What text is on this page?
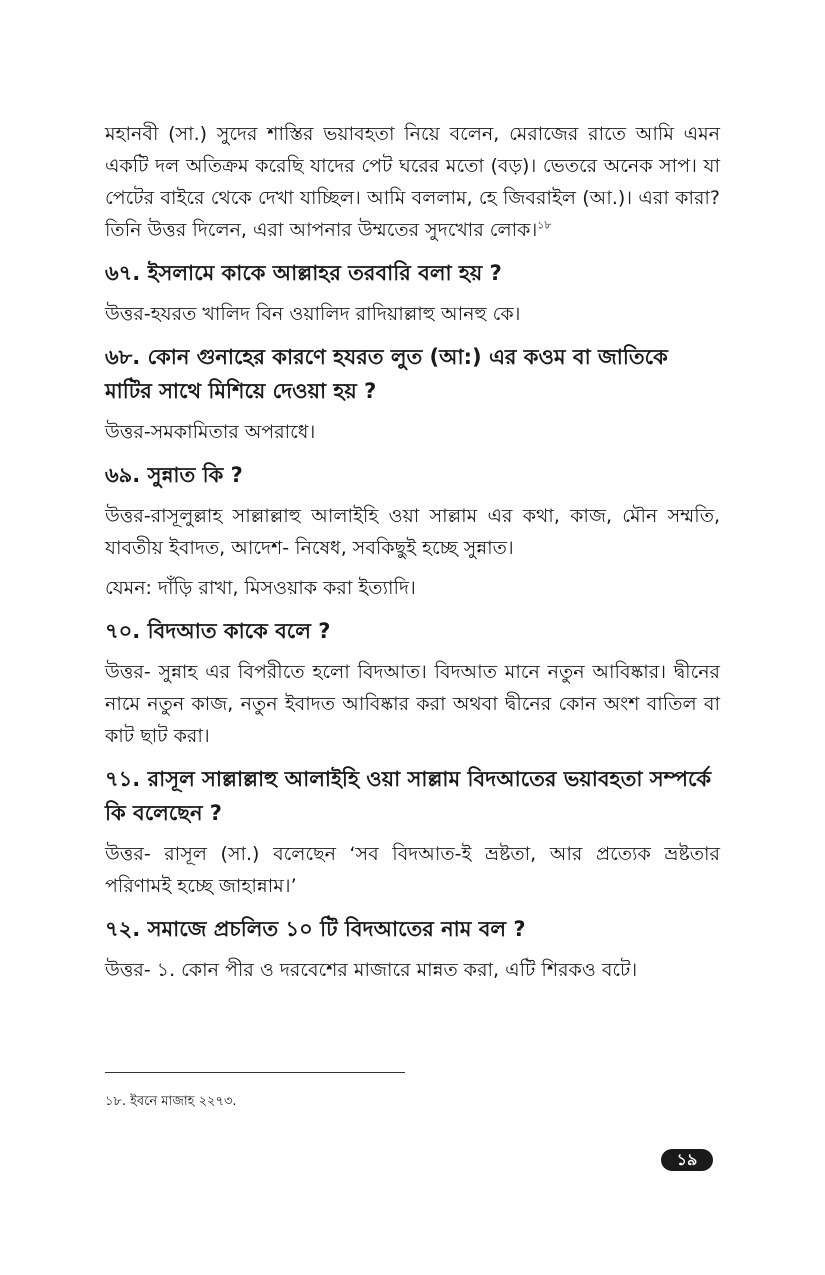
মহানবী (সা.) সুদের শাস্তির ভয়াবহতা নিয়ে বলেন, মেরাজের রাতে আমি এমন একটি দল অতিক্রম করেছি যাদের পেট ঘরের মতো (বড়)। ভেতরে অনেক সাপ। যা পেটের বাইরে থেকে দেখা যাচ্ছিল। আমি বললাম, হে জিবরাইল (আ.)। এরা কারা? তিনি উত্তর দিলেন, এরা আপনার উম্মতের সুদখোর লোক।$^{১৮}$

৬৭. ইসলামে কাকে আল্লাহর তরবারি বলা হয় ?

উত্তর-হযরত খালিদ বিন ওয়ালিদ রাদিয়াল্লাহু আনহু কে।

৬৮. কোন গুনাহের কারণে হযরত লুত (আ:) এর কওম বা জাতিকে মাটির সাথে মিশিয়ে দেওয়া হয় ?

উত্তর-সমকামিতার অপরাধে।

৬৯. সুন্নাত কি ?

উত্তর-রাসূলুল্লাহ সাল্লাল্লাহু আলাইহি ওয়া সাল্লাম এর কথা, কাজ, মৌন সম্মতি, যাবতীয় ইবাদত, আদেশ- নিষেধ, সবকিছুই হচ্ছে সুন্নাত।

যেমন: দাঁড়ি রাখা, মিসওয়াক করা ইত্যাদি।

৭০. বিদআত কাকে বলে ?

উত্তর- সুন্নাহ এর বিপরীতে হলো বিদআত। বিদআত মানে নতুন আবিষ্কার। দ্বীনের নামে নতুন কাজ, নতুন ইবাদত আবিষ্কার করা অথবা দ্বীনের কোন অংশ বাতিল বা কাট ছাট করা।

৭১. রাসূল সাল্লাল্লাহু আলাইহি ওয়া সাল্লাম বিদআতের ভয়াবহতা সম্পর্কে কি বলেছেন ?

উত্তর- রাসূল (সা.) বলেছেন ‘সব বিদআত-ই ভ্রষ্টতা, আর প্রত্যেক ভ্রষ্টতার পরিণামই হচ্ছে জাহান্নাম।’

৭২. সমাজে প্রচলিত ১০ টি বিদআতের নাম বল ?

উত্তর- ১. কোন পীর ও দরবেশের মাজারে মান্নত করা, এটি শিরকও বটে।

১৮. ইবনে মাজাহ ২২৭৩.

১৯
